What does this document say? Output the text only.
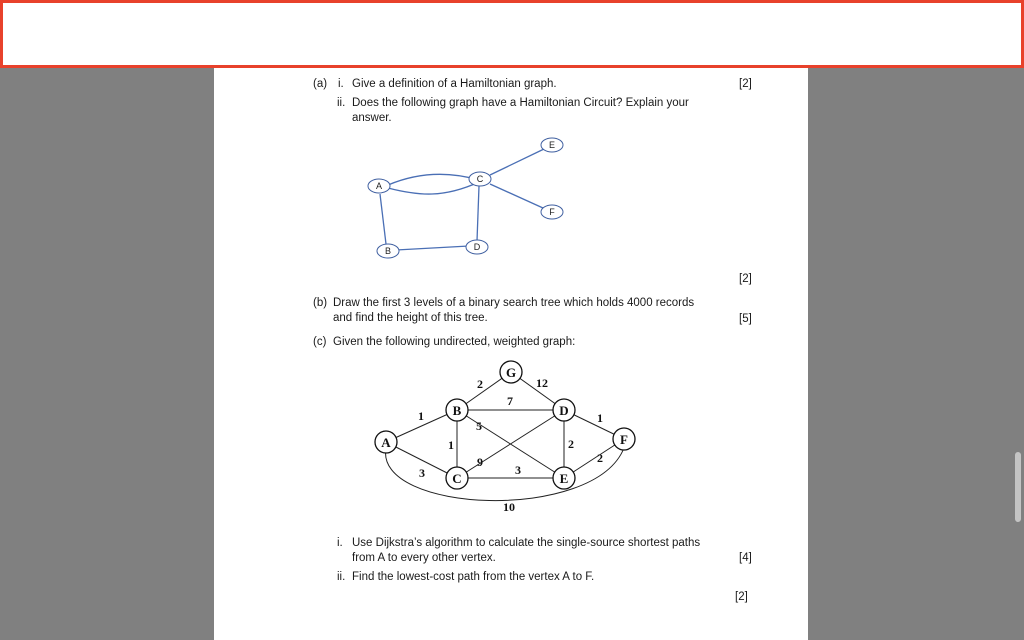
(a) i. Give a definition of a Hamiltonian graph.	[2]
ii. Does the following graph have a Hamiltonian Circuit? Explain your
answer.
A
B
C
D
E
F
[2]
(b) Draw the first 3 levels of a binary search tree which holds 4000 records
and find the height of this tree.	[5]
(c) Given the following undirected, weighted graph:
A
B
C
D
E
F
G
1
3
10
2
7
1
5
9
3
12
2
1
2
i. Use Dijkstra’s algorithm to calculate the single-source shortest paths
from A to every other vertex.	[4]
ii. Find the lowest-cost path from the vertex A to F.
[2]
